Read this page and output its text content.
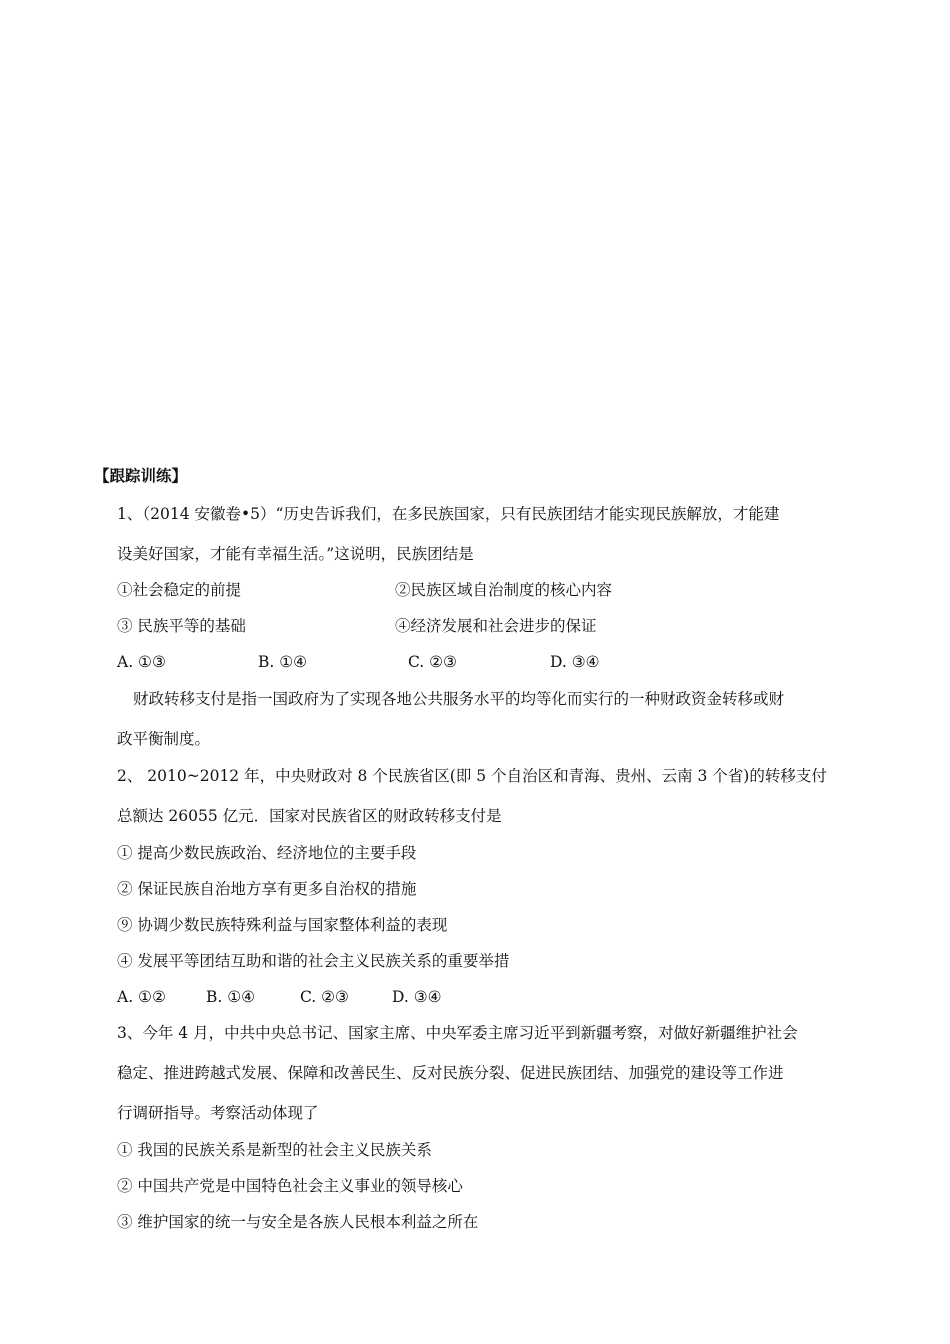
【跟踪训练】
1、（2014 安徽卷•5）“历史告诉我们，在多民族国家，只有民族团结才能实现民族解放，才能建
设美好国家，才能有幸福生活。”这说明，民族团结是
①社会稳定的前提	②民族区域自治制度的核心内容
③ 民族平等的基础	④经济发展和社会进步的保证
A. ①③	B. ①④	C. ②③	D. ③④
财政转移支付是指一国政府为了实现各地公共服务水平的均等化而实行的一种财政资金转移或财
政平衡制度。
2、 2010~2012 年，中央财政对 8 个民族省区(即 5 个自治区和青海、贵州、云南 3 个省)的转移支付
总额达 26055 亿元．国家对民族省区的财政转移支付是
① 提高少数民族政治、经济地位的主要手段
② 保证民族自治地方享有更多自治权的措施
⑨ 协调少数民族特殊利益与国家整体利益的表现
④ 发展平等团结互助和谐的社会主义民族关系的重要举措
A. ①②	B. ①④	C. ②③	D. ③④
3、今年 4 月，中共中央总书记、国家主席、中央军委主席习近平到新疆考察，对做好新疆维护社会
稳定、推进跨越式发展、保障和改善民生、反对民族分裂、促进民族团结、加强党的建设等工作进
行调研指导。考察活动体现了
① 我国的民族关系是新型的社会主义民族关系
② 中国共产党是中国特色社会主义事业的领导核心
③ 维护国家的统一与安全是各族人民根本利益之所在
